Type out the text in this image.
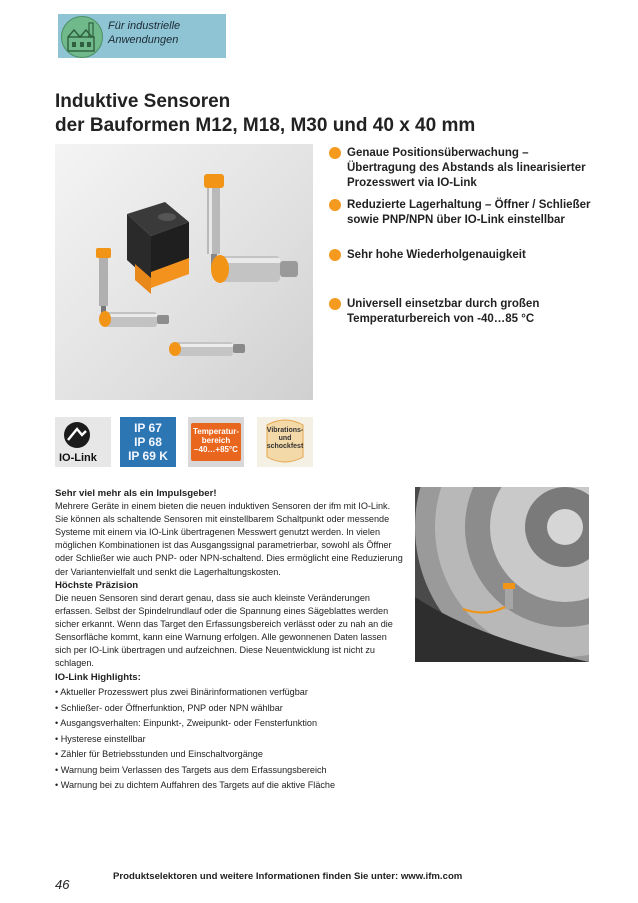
Für industrielle
Anwendungen
Induktive Sensoren
der Bauformen M12, M18, M30 und 40 x 40 mm
Genaue Positionsüberwachung –
Übertragung des Abstands als linearisierter
Prozesswert via IO-Link
Reduzierte Lagerhaltung – Öffner / Schließer
sowie PNP/NPN über IO-Link einstellbar
Sehr hohe Wiederholgenauigkeit
Universell einsetzbar durch großen
Temperaturbereich von -40…85 °C
IO-Link
IP 67
IP 68
IP 69 K
Temperatur-
bereich
–40…+85°C
Vibrations-
und
schockfest

Sehr viel mehr als ein Impulsgeber!

Mehrere Geräte in einem bieten die neuen induktiven Sensoren der ifm mit IO-Link. Sie können als schaltende Sensoren mit einstellbarem Schaltpunkt oder messende Systeme mit einem via IO-Link übertragenen Messwert genutzt werden. In vielen möglichen Kombinationen ist das Ausgangssignal parametrierbar, sowohl als Öffner oder Schließer wie auch PNP- oder NPN-schaltend. Dies ermöglicht eine Reduzierung der Variantenvielfalt und senkt die Lagerhaltungskosten.

Höchste Präzision

Die neuen Sensoren sind derart genau, dass sie auch kleinste Veränderungen erfassen. Selbst der Spindelrundlauf oder die Spannung eines Sägeblattes werden sicher erkannt. Wenn das Target den Erfassungsbereich verlässt oder zu nah an die Sensorfläche kommt, kann eine Warnung erfolgen. Alle gewonnenen Daten lassen sich per IO-Link übertragen und aufzeichnen. Diese Neuentwicklung ist nicht zu schlagen.

IO-Link Highlights:

• Aktueller Prozesswert plus zwei Binärinformationen verfügbar
• Schließer- oder Öffnerfunktion, PNP oder NPN wählbar
• Ausgangsverhalten: Einpunkt-, Zweipunkt- oder Fensterfunktion
• Hysterese einstellbar
• Zähler für Betriebsstunden und Einschaltvorgänge
• Warnung beim Verlassen des Targets aus dem Erfassungsbereich
• Warnung bei zu dichtem Auffahren des Targets auf die aktive Fläche
Produktselektoren und weitere Informationen finden Sie unter: www.ifm.com
46
